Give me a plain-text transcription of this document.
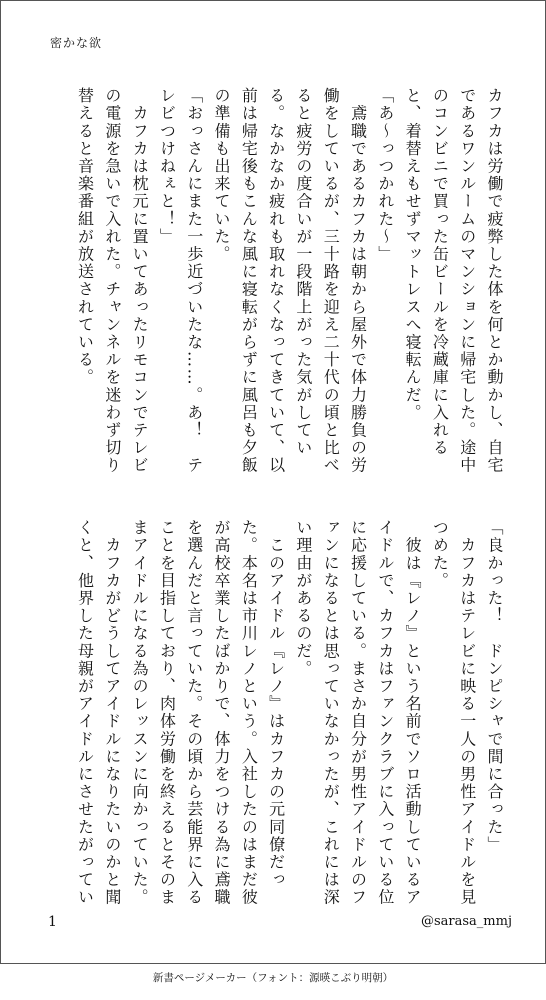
密かな欲

カフカは労働で疲弊した体を何とか動かし、自宅であるワンルームのマンションに帰宅した。途中のコンビニで買った缶ビールを冷蔵庫に入れると、着替えもせずマットレスへ寝転んだ。

「あ〜っつかれた〜」

　鳶職であるカフカは朝から屋外で体力勝負の労働をしているが、三十路を迎え二十代の頃と比べると疲労の度合いが一段階上がった気がしている。なかなか疲れも取れなくなってきていて、以前は帰宅後もこんな風に寝転がらずに風呂も夕飯の準備も出来ていた。

「おっさんにまた一歩近づいたな……。あ！　テレビつけねぇと！」

　カフカは枕元に置いてあったリモコンでテレビの電源を急いで入れた。チャンネルを迷わず切り替えると音楽番組が放送されている。

「良かった！　ドンピシャで間に合った」

　カフカはテレビに映る一人の男性アイドルを見つめた。

　彼は『レノ』という名前でソロ活動しているアイドルで、カフカはファンクラブに入っている位に応援している。まさか自分が男性アイドルのファンになるとは思っていなかったが、これには深い理由があるのだ。

　このアイドル『レノ』はカフカの元同僚だった。本名は市川レノという。入社したのはまだ彼が高校卒業したばかりで、体力をつける為に鳶職を選んだと言っていた。その頃から芸能界に入ることを目指しており、肉体労働を終えるとそのままアイドルになる為のレッスンに向かっていた。

　カフカがどうしてアイドルになりたいのかと聞くと、他界した母親がアイドルにさせたがってい

1	@sarasa_mmj
新書ページメーカー（フォント：源暎こぶり明朝）
